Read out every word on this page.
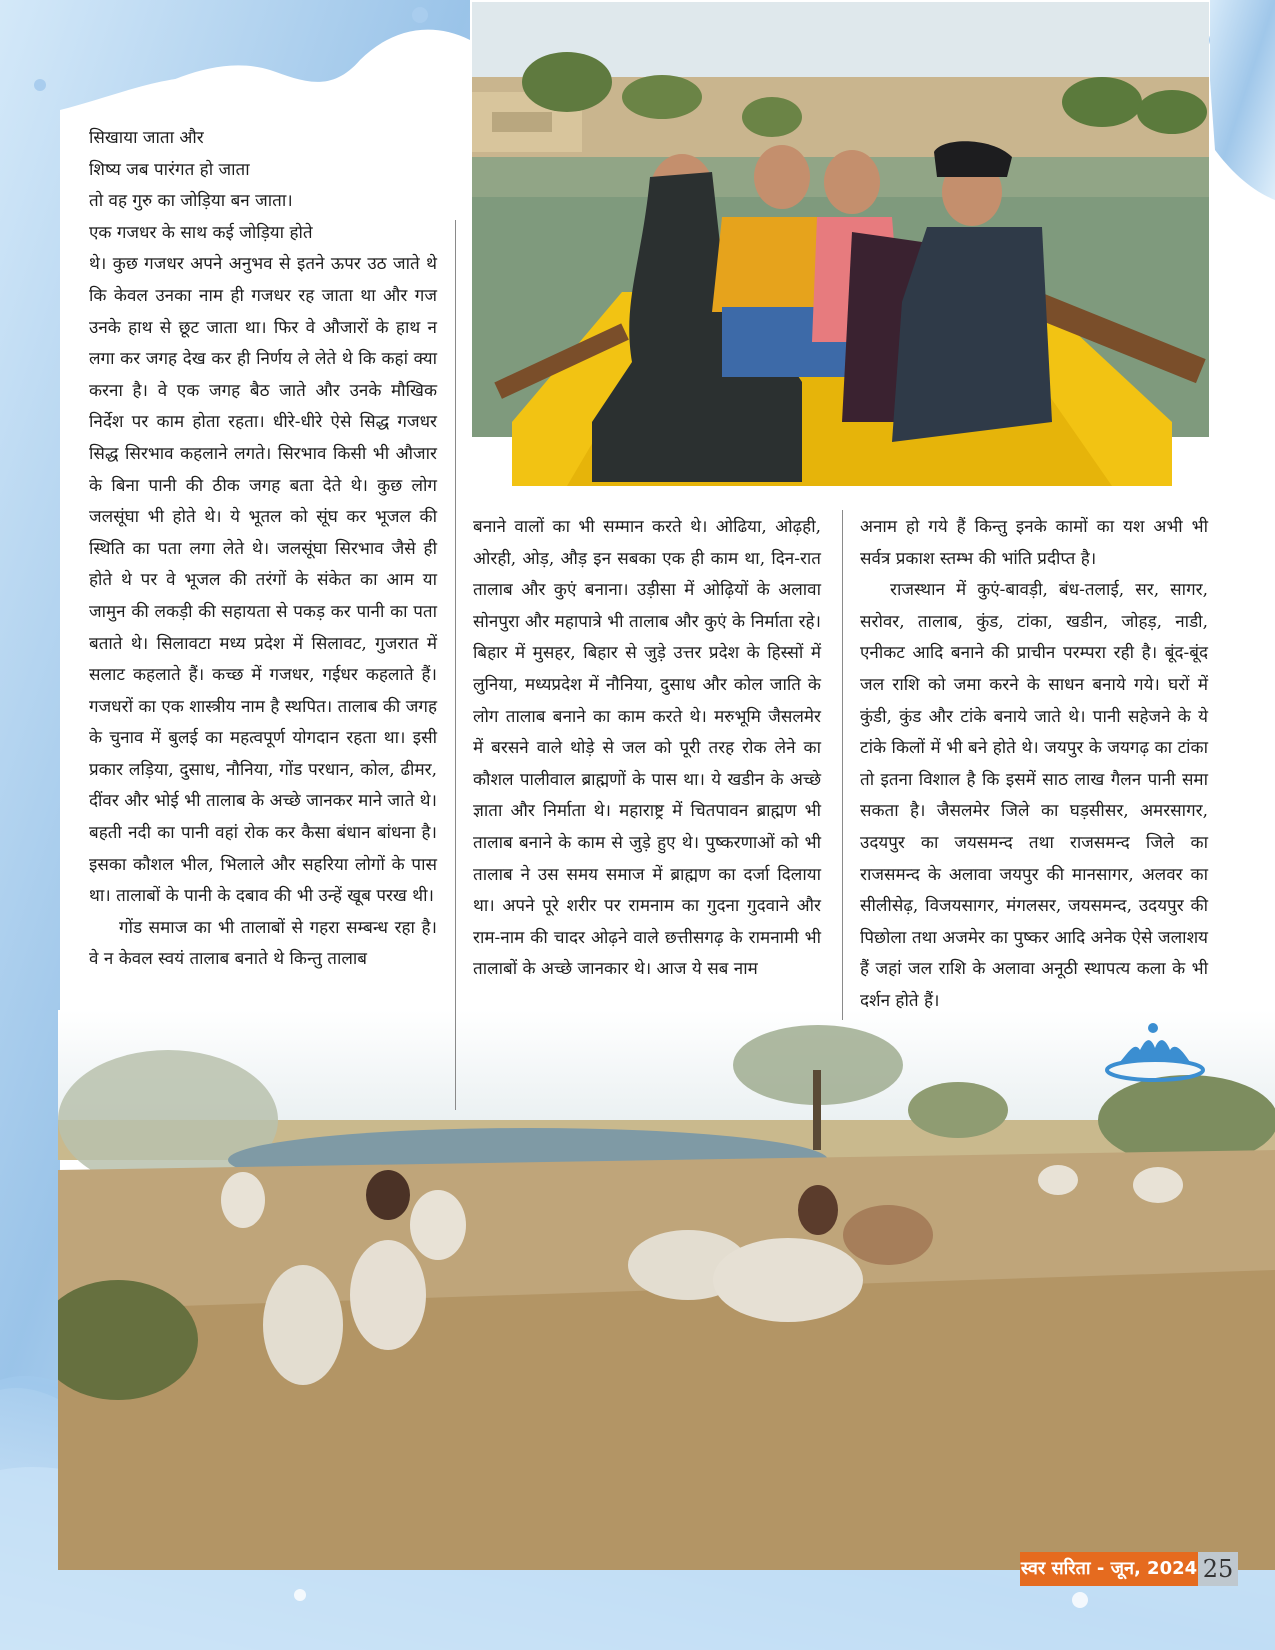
सिखाया जाता और

शिष्य जब पारंगत हो जाता

तो वह गुरु का जोड़िया बन जाता।

एक गजधर के साथ कई जोड़िया होते

थे। कुछ गजधर अपने अनुभव से इतने ऊपर उठ जाते थे कि केवल उनका नाम ही गजधर रह जाता था और गज उनके हाथ से छूट जाता था। फिर वे औजारों के हाथ न लगा कर जगह देख कर ही निर्णय ले लेते थे कि कहां क्या करना है। वे एक जगह बैठ जाते और उनके मौखिक निर्देश पर काम होता रहता। धीरे-धीरे ऐसे सिद्ध गजधर सिद्ध सिरभाव कहलाने लगते। सिरभाव किसी भी औजार के बिना पानी की ठीक जगह बता देते थे। कुछ लोग जलसूंघा भी होते थे। ये भूतल को सूंघ कर भूजल की स्थिति का पता लगा लेते थे। जलसूंघा सिरभाव जैसे ही होते थे पर वे भूजल की तरंगों के संकेत का आम या जामुन की लकड़ी की सहायता से पकड़ कर पानी का पता बताते थे। सिलावटा मध्य प्रदेश में सिलावट, गुजरात में सलाट कहलाते हैं। कच्छ में गजधर, गईधर कहलाते हैं। गजधरों का एक शास्त्रीय नाम है स्थपित। तालाब की जगह के चुनाव में बुलई का महत्वपूर्ण योगदान रहता था। इसी प्रकार लड़िया, दुसाध, नौनिया, गोंड परधान, कोल, ढीमर, दींवर और भोई भी तालाब के अच्छे जानकर माने जाते थे। बहती नदी का पानी वहां रोक कर कैसा बंधान बांधना है। इसका कौशल भील, भिलाले और सहरिया लोगों के पास था। तालाबों के पानी के दबाव की भी उन्हें खूब परख थी।

गोंड समाज का भी तालाबों से गहरा सम्बन्ध रहा है। वे न केवल स्वयं तालाब बनाते थे किन्तु तालाब

बनाने वालों का भी सम्मान करते थे। ओढिया, ओढ़ही, ओरही, ओड़, औड़ इन सबका एक ही काम था, दिन-रात तालाब और कुएं बनाना। उड़ीसा में ओढ़ियों के अलावा सोनपुरा और महापात्रे भी तालाब और कुएं के निर्माता रहे। बिहार में मुसहर, बिहार से जुड़े उत्तर प्रदेश के हिस्सों में लुनिया, मध्यप्रदेश में नौनिया, दुसाध और कोल जाति के लोग तालाब बनाने का काम करते थे। मरुभूमि जैसलमेर में बरसने वाले थोड़े से जल को पूरी तरह रोक लेने का कौशल पालीवाल ब्राह्मणों के पास था। ये खडीन के अच्छे ज्ञाता और निर्माता थे। महाराष्ट्र में चितपावन ब्राह्मण भी तालाब बनाने के काम से जुड़े हुए थे। पुष्करणाओं को भी तालाब ने उस समय समाज में ब्राह्मण का दर्जा दिलाया था। अपने पूरे शरीर पर रामनाम का गुदना गुदवाने और राम-नाम की चादर ओढ़ने वाले छत्तीसगढ़ के रामनामी भी तालाबों के अच्छे जानकार थे। आज ये सब नाम

अनाम हो गये हैं किन्तु इनके कामों का यश अभी भी सर्वत्र प्रकाश स्तम्भ की भांति प्रदीप्त है।

राजस्थान में कुएं-बावड़ी, बंध-तलाई, सर, सागर, सरोवर, तालाब, कुंड, टांका, खडीन, जोहड़, नाडी, एनीकट आदि बनाने की प्राचीन परम्परा रही है। बूंद-बूंद जल राशि को जमा करने के साधन बनाये गये। घरों में कुंडी, कुंड और टांके बनाये जाते थे। पानी सहेजने के ये टांके किलों में भी बने होते थे। जयपुर के जयगढ़ का टांका तो इतना विशाल है कि इसमें साठ लाख गैलन पानी समा सकता है। जैसलमेर जिले का घड़सीसर, अमरसागर, उदयपुर का जयसमन्द तथा राजसमन्द जिले का राजसमन्द के अलावा जयपुर की मानसागर, अलवर का सीलीसेढ़, विजयसागर, मंगलसर, जयसमन्द, उदयपुर की पिछोला तथा अजमेर का पुष्कर आदि अनेक ऐसे जलाशय हैं जहां जल राशि के अलावा अनूठी स्थापत्य कला के भी दर्शन होते हैं।

स्वर सरिता - जून, 2024 25
